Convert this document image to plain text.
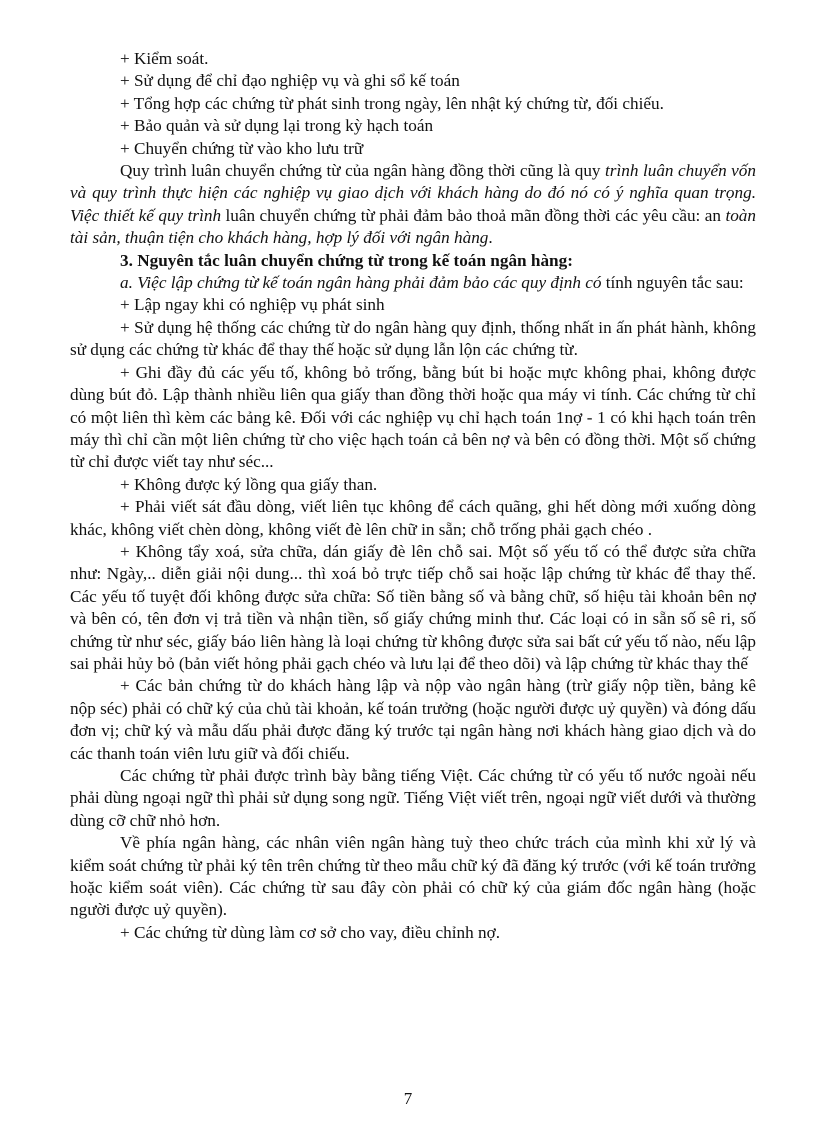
+ Kiểm soát.

+ Sử dụng để chỉ đạo nghiệp vụ và ghi sổ kế toán

+ Tổng hợp các chứng từ phát sinh trong ngày, lên nhật ký chứng từ, đối chiếu.

+ Bảo quản và sử dụng lại trong kỳ hạch toán

+ Chuyển chứng từ vào kho lưu trữ

Quy trình luân chuyển chứng từ của ngân hàng đồng thời cũng là quy trình luân chuyển vốn và quy trình thực hiện các nghiệp vụ giao dịch với khách hàng do đó nó có ý nghĩa quan trọng. Việc thiết kế quy trình luân chuyển chứng từ phải đảm bảo thoả mãn đồng thời các yêu cầu: an toàn tài sản, thuận tiện cho khách hàng, hợp lý đối với ngân hàng.

3. Nguyên tắc luân chuyển chứng từ trong kế toán ngân hàng:

a. Việc lập chứng từ kế toán ngân hàng phải đảm bảo các quy định có tính nguyên tắc sau:

+ Lập ngay khi có nghiệp vụ phát sinh

+ Sử dụng hệ thống các chứng từ do ngân hàng quy định, thống nhất in ấn phát hành, không sử dụng các chứng từ khác để thay thế hoặc sử dụng lẫn lộn các chứng từ.

+ Ghi đầy đủ các yếu tố, không bỏ trống, bằng bút bi hoặc mực không phai, không được dùng bút đỏ. Lập thành nhiều liên qua giấy than đồng thời hoặc qua máy vi tính. Các chứng từ chỉ có một liên thì kèm các bảng kê. Đối với các nghiệp vụ chỉ hạch toán 1nợ - 1 có khi hạch toán trên máy thì chỉ cần một liên chứng từ cho việc hạch toán cả bên nợ và bên có đồng thời. Một số chứng từ chỉ được viết tay như séc...

+ Không được ký lồng qua giấy than.

+ Phải viết sát đầu dòng, viết liên tục không để cách quãng, ghi hết dòng mới xuống dòng khác, không viết chèn dòng, không viết đè lên chữ in sẵn; chỗ trống phải gạch chéo .

+ Không tẩy xoá, sửa chữa, dán giấy đè lên chỗ sai. Một số yếu tố có thể được sửa chữa như: Ngày,.. diễn giải nội dung... thì xoá bỏ trực tiếp chỗ sai hoặc lập chứng từ khác để thay thế. Các yếu tố tuyệt đối không được sửa chữa: Số tiền bằng số và bằng chữ, số hiệu tài khoản bên nợ và bên có, tên đơn vị trả tiền và nhận tiền, số giấy chứng minh thư. Các loại có in sẵn số sê ri, số chứng từ như séc, giấy báo liên hàng là loại chứng từ không được sửa sai bất cứ yếu tố nào, nếu lập sai phải hủy bỏ (bản viết hỏng phải gạch chéo và lưu lại để theo dõi) và lập chứng từ khác thay thế

+ Các bản chứng từ do khách hàng lập và nộp vào ngân hàng (trừ giấy nộp tiền, bảng kê nộp séc) phải có chữ ký của chủ tài khoản, kế toán trưởng (hoặc người được uỷ quyền) và đóng dấu đơn vị; chữ ký và mẫu dấu phải được đăng ký trước tại ngân hàng nơi khách hàng giao dịch và do các thanh toán viên lưu giữ và đối chiếu.

Các chứng từ phải được trình bày bằng tiếng Việt. Các chứng từ có yếu tố nước ngoài nếu phải dùng ngoại ngữ thì phải sử dụng song ngữ. Tiếng Việt viết trên, ngoại ngữ viết dưới và thường dùng cỡ chữ nhỏ hơn.

Về phía ngân hàng, các nhân viên ngân hàng tuỳ theo chức trách của mình khi xử lý và kiểm soát chứng từ phải ký tên trên chứng từ theo mẫu chữ ký đã đăng ký trước (với kế toán trưởng hoặc kiểm soát viên). Các chứng từ sau đây còn phải có chữ ký của giám đốc ngân hàng (hoặc người được uỷ quyền).

+ Các chứng từ dùng làm cơ sở cho vay, điều chỉnh nợ.

7
